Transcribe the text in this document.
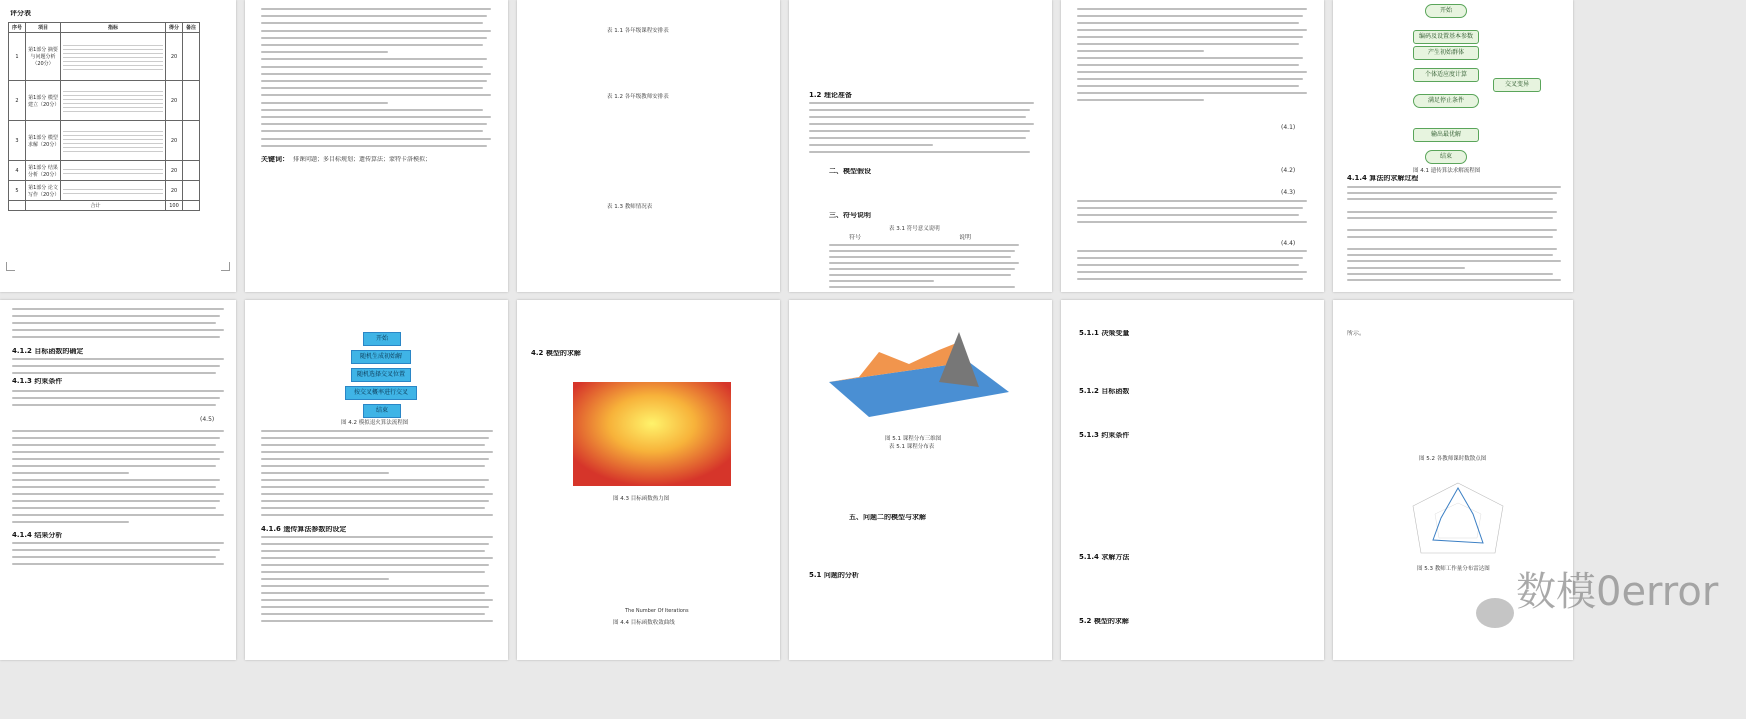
评分表
序号	项目	指标	得分	备注
1	第1部分 摘要与问题分析（20分）		20	
2	第1部分 模型建立（20分）		20	
3	第1部分 模型求解（20分）		20	
4	第1部分 结果分析（20分）		20	
5	第1部分 论文写作（20分）		20	
	合计		100	
关键词： 排课问题；多目标规划；遗传算法；蒙特卡洛模拟；
表 1.1 各年级课程安排表
表 1.2 各年级教师安排表
表 1.3 教师情况表
1.2 理论准备
二、模型假设
三、符号说明
表 3.1 符号意义说明
符号	说明
(4.1)
(4.2)
(4.3)
(4.4)
开始
编码及设置基本参数
产生初始群体
个体适应度计算
满足停止条件
输出最优解
结束
交叉变异
图 4.1 遗传算法求解流程图
4.1.4 算法的求解过程
4.1.2 目标函数的确定
4.1.3 约束条件
4.1.4 结果分析
(4.5)
开始
随机生成初始解
随机选择交叉位置
按交叉概率进行交叉
结束
图 4.2 模拟退火算法流程图
4.1.6 遗传算法参数的设定
4.2 模型的求解
图 4.3 目标函数热力图
The Number Of Iterations
图 4.4 目标函数收敛曲线
图 5.1 课程分布三维图
表 5.1 课程分布表
五、问题二的模型与求解
5.1 问题的分析
5.1.1 决策变量
5.1.2 目标函数
5.1.3 约束条件
5.1.4 求解方法
5.2 模型的求解
所示。
图 5.2 各教师课时数散点图
图 5.3 教师工作量分布雷达图 数模0error
